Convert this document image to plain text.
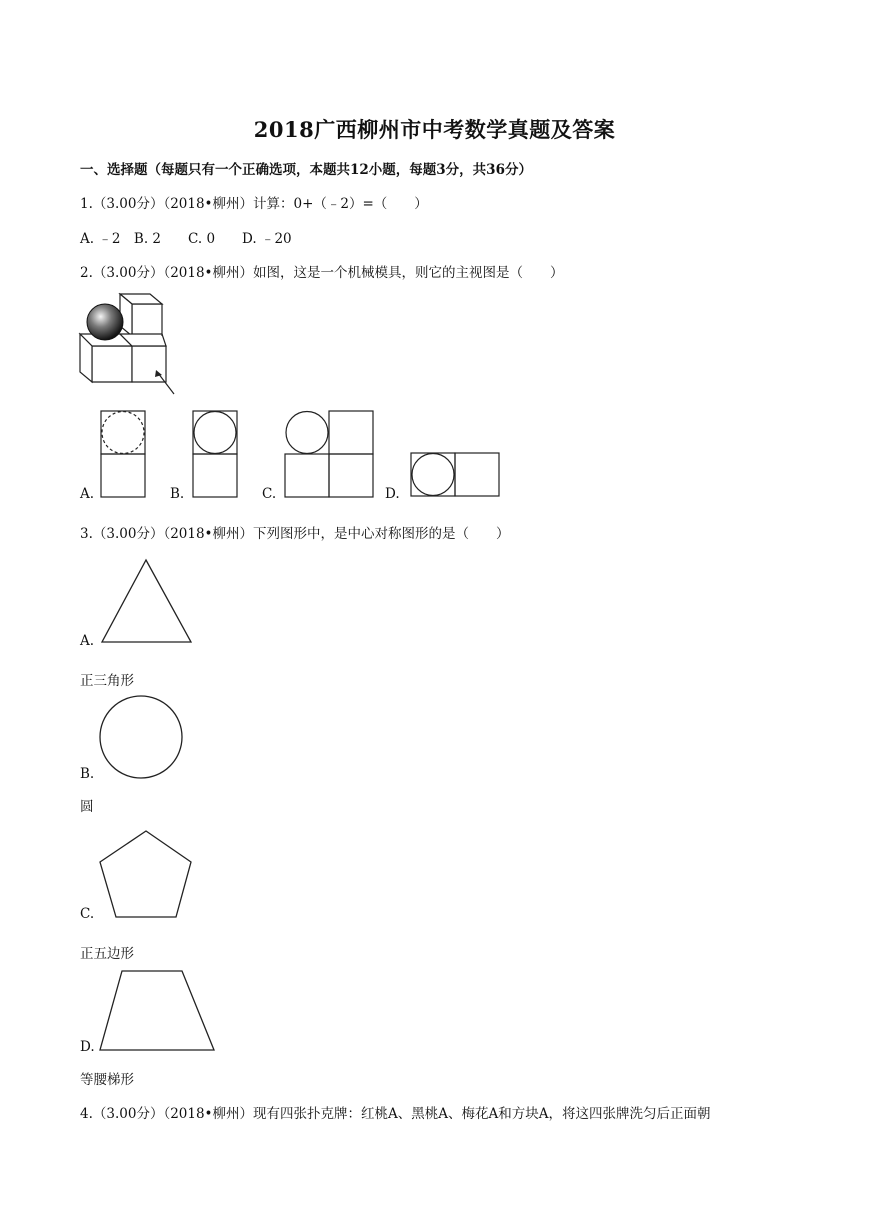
2018广西柳州市中考数学真题及答案
一、选择题（每题只有一个正确选项，本题共12小题，每题3分，共36分）
1.（3.00分）（2018•柳州）计算：0+（﹣2）=（　　）
A. ﹣2　B. 2　　C. 0　　D. ﹣20
2.（3.00分）（2018•柳州）如图，这是一个机械模具，则它的主视图是（　　）
A.	B.	C.	D.
3.（3.00分）（2018•柳州）下列图形中，是中心对称图形的是（　　）
A.
正三角形
B.
圆
C.
正五边形
D.
等腰梯形
4.（3.00分）（2018•柳州）现有四张扑克牌：红桃A、黑桃A、梅花A和方块A，将这四张牌洗匀后正面朝
